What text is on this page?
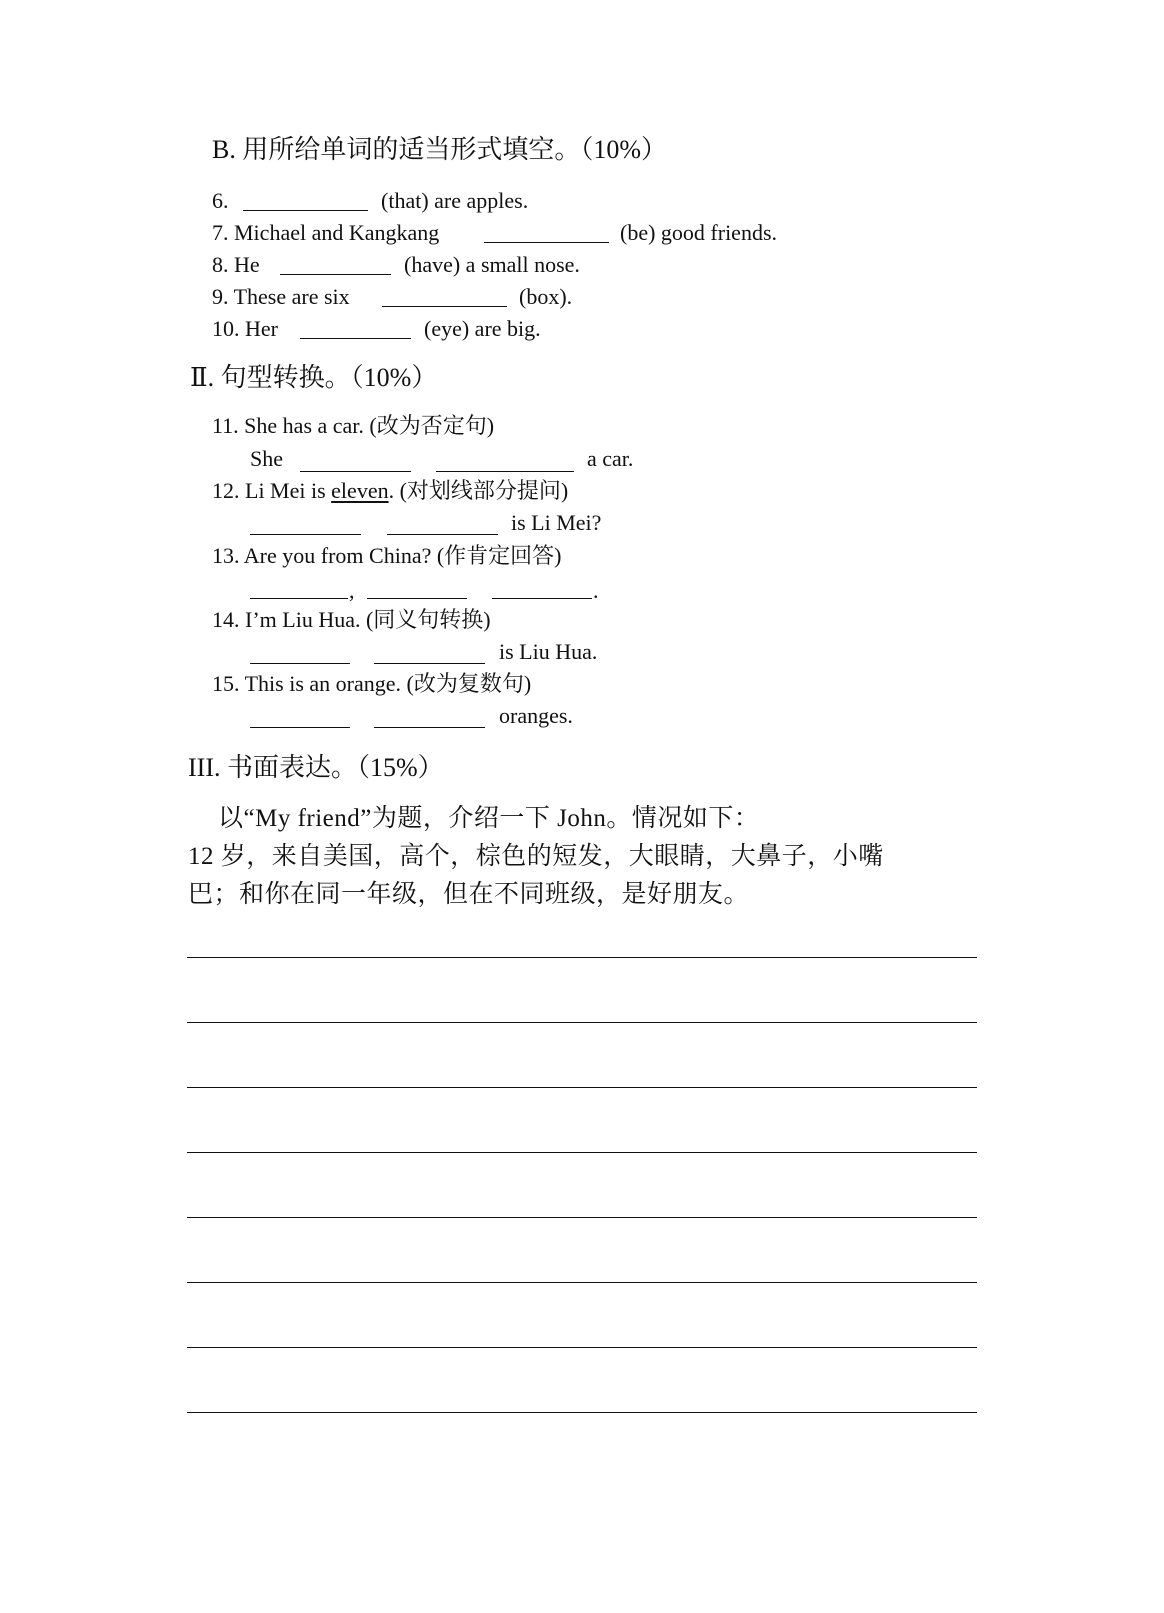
B. 用所给单词的适当形式填空。（10%）
6.	(that) are apples.
7. Michael and Kangkang	(be) good friends.
8. He	(have) a small nose.
9. These are six	(box).
10. Her	(eye) are big.
Ⅱ. 句型转换。（10%）
11. She has a car. (改为否定句)
She	a car.
12. Li Mei is eleven. (对划线部分提问)
is Li Mei?
13. Are you from China? (作肯定回答)
,	.
14. I’m Liu Hua. (同义句转换)
is Liu Hua.
15. This is an orange. (改为复数句)
oranges.
III. 书面表达。（15%）
以“My friend”为题，介绍一下 John。情况如下：
12 岁，来自美国，高个，棕色的短发，大眼睛，大鼻子，小嘴
巴；和你在同一年级，但在不同班级，是好朋友。
